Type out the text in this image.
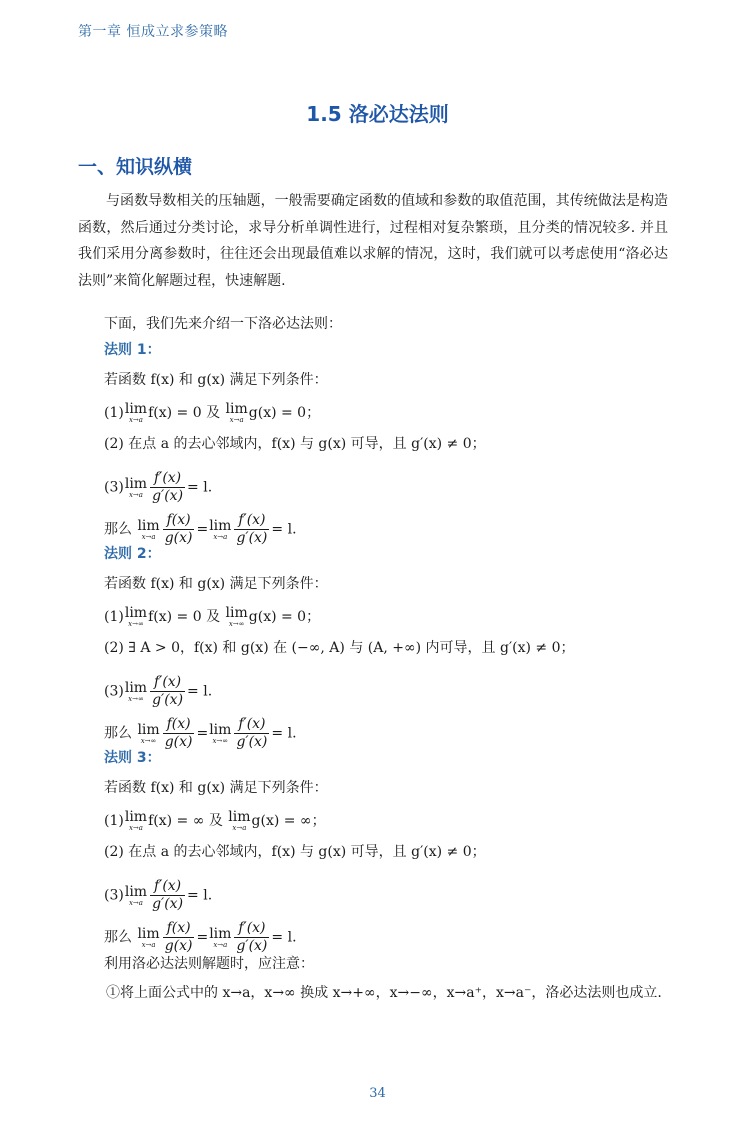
第一章 恒成立求参策略
1.5 洛必达法则
一、知识纵横
与函数导数相关的压轴题，一般需要确定函数的值域和参数的取值范围，其传统做法是构造函数，然后通过分类讨论，求导分析单调性进行，过程相对复杂繁琐，且分类的情况较多. 并且我们采用分离参数时，往往还会出现最值难以求解的情况，这时，我们就可以考虑使用“洛必达法则”来简化解题过程，快速解题.
下面，我们先来介绍一下洛必达法则：
法则 1：
若函数 f(x) 和 g(x) 满足下列条件：
(1) lim
x→a f(x) = 0 及 lim
x→a g(x) = 0；
(2) 在点 a 的去心邻域内，f(x) 与 g(x) 可导，且 g′(x) ≠ 0；
(3) lim
$x\to a \frac{f'(x)}{g'(x)} = l$.
那么 lim
$x\to a \frac{f(x)}{g(x)} = \lim$
$x\to a \frac{f'(x)}{g'(x)} = l$.
法则 2：
若函数 f(x) 和 g(x) 满足下列条件：
(1) lim
x→∞ f(x) = 0 及 lim
x→∞ g(x) = 0；
(2) ∃ A > 0，f(x) 和 g(x) 在 (−∞, A) 与 (A, +∞) 内可导，且 g′(x) ≠ 0；
(3) lim
$x\to\infty \frac{f'(x)}{g'(x)} = l$.
那么 lim
$x\to\infty \frac{f(x)}{g(x)} = \lim$
$x\to\infty \frac{f'(x)}{g'(x)} = l$.
法则 3：
若函数 f(x) 和 g(x) 满足下列条件：
(1) lim
x→a f(x) = ∞ 及 lim
x→a g(x) = ∞；
(2) 在点 a 的去心邻域内，f(x) 与 g(x) 可导，且 g′(x) ≠ 0；
(3) lim
$x\to a \frac{f'(x)}{g'(x)} = l$.
那么 lim
$x\to a \frac{f(x)}{g(x)} = \lim$
$x\to a \frac{f'(x)}{g'(x)} = l$.
利用洛必达法则解题时，应注意：
①将上面公式中的 x→a，x→∞ 换成 x→+∞，x→−∞，x→a⁺，x→a⁻，洛必达法则也成立.
34
